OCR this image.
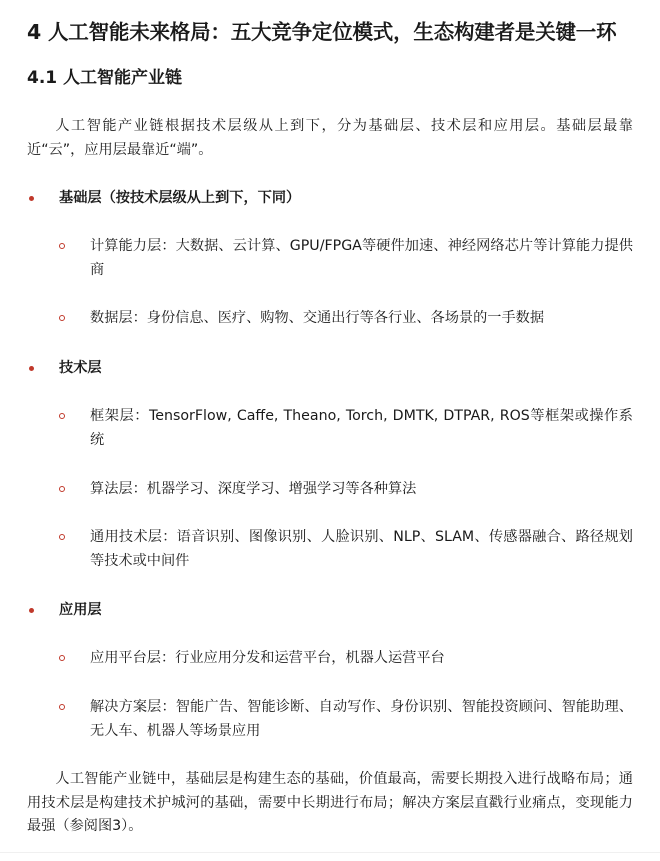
4 人工智能未来格局：五大竞争定位模式，生态构建者是关键一环
4.1 人工智能产业链
人工智能产业链根据技术层级从上到下，分为基础层、技术层和应用层。基础层最靠近“云”，应用层最靠近“端”。
基础层（按技术层级从上到下，下同）
计算能力层：大数据、云计算、GPU/FPGA等硬件加速、神经网络芯片等计算能力提供商
数据层：身份信息、医疗、购物、交通出行等各行业、各场景的一手数据
技术层
框架层：TensorFlow, Caffe, Theano, Torch, DMTK, DTPAR, ROS等框架或操作系统
算法层：机器学习、深度学习、增强学习等各种算法
通用技术层：语音识别、图像识别、人脸识别、NLP、SLAM、传感器融合、路径规划等技术或中间件
应用层
应用平台层：行业应用分发和运营平台，机器人运营平台
解决方案层：智能广告、智能诊断、自动写作、身份识别、智能投资顾问、智能助理、无人车、机器人等场景应用
人工智能产业链中，基础层是构建生态的基础，价值最高，需要长期投入进行战略布局；通用技术层是构建技术护城河的基础，需要中长期进行布局；解决方案层直戳行业痛点，变现能力最强（参阅图3）。
